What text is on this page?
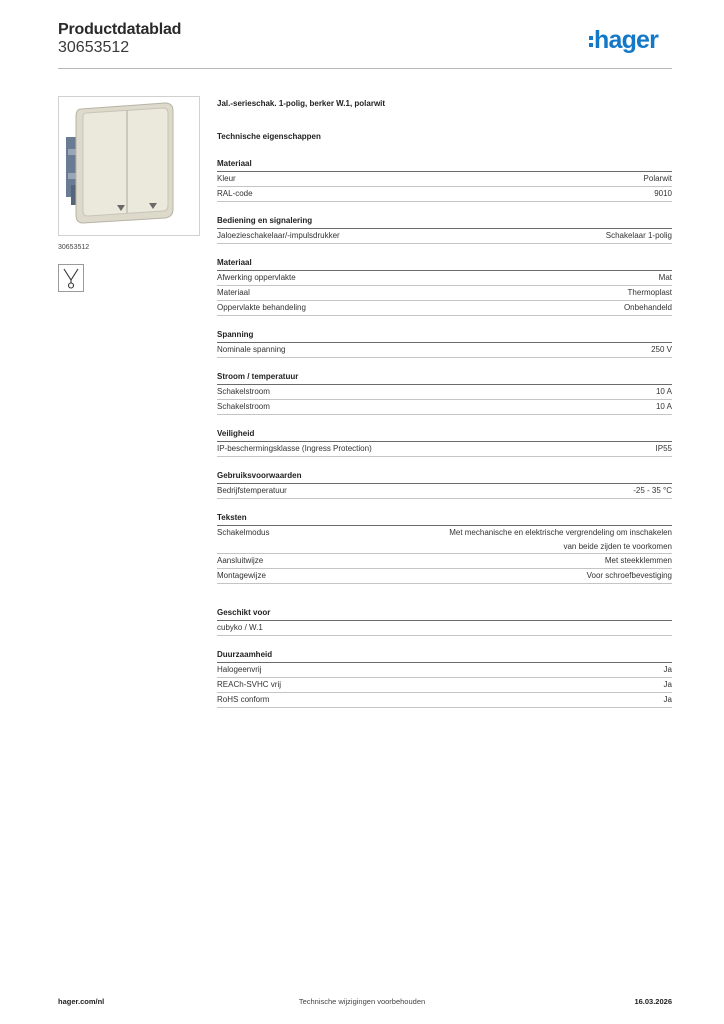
Productdatablad
30653512	hager
30653512
Jal.-serieschak. 1-polig, berker W.1, polarwit
Technische eigenschappen
Materiaal
Kleur	Polarwit
RAL-code	9010
Bediening en signalering
Jaloezieschakelaar/-impulsdrukker	Schakelaar 1-polig
Materiaal
Afwerking oppervlakte	Mat
Materiaal	Thermoplast
Oppervlakte behandeling	Onbehandeld
Spanning
Nominale spanning	250 V
Stroom / temperatuur
Schakelstroom	10 A
Schakelstroom	10 A
Veiligheid
IP-beschermingsklasse (Ingress Protection)	IP55
Gebruiksvoorwaarden
Bedrijfstemperatuur	-25 - 35 °C
Teksten
Schakelmodus	Met mechanische en elektrische vergrendeling om inschakelen
van beide zijden te voorkomen
Aansluitwijze	Met steekklemmen
Montagewijze	Voor schroefbevestiging
Geschikt voor
cubyko / W.1
Duurzaamheid
Halogeenvrij	Ja
REACh-SVHC vrij	Ja
RoHS conform	Ja
hager.com/nl	Technische wijzigingen voorbehouden	16.03.2026
